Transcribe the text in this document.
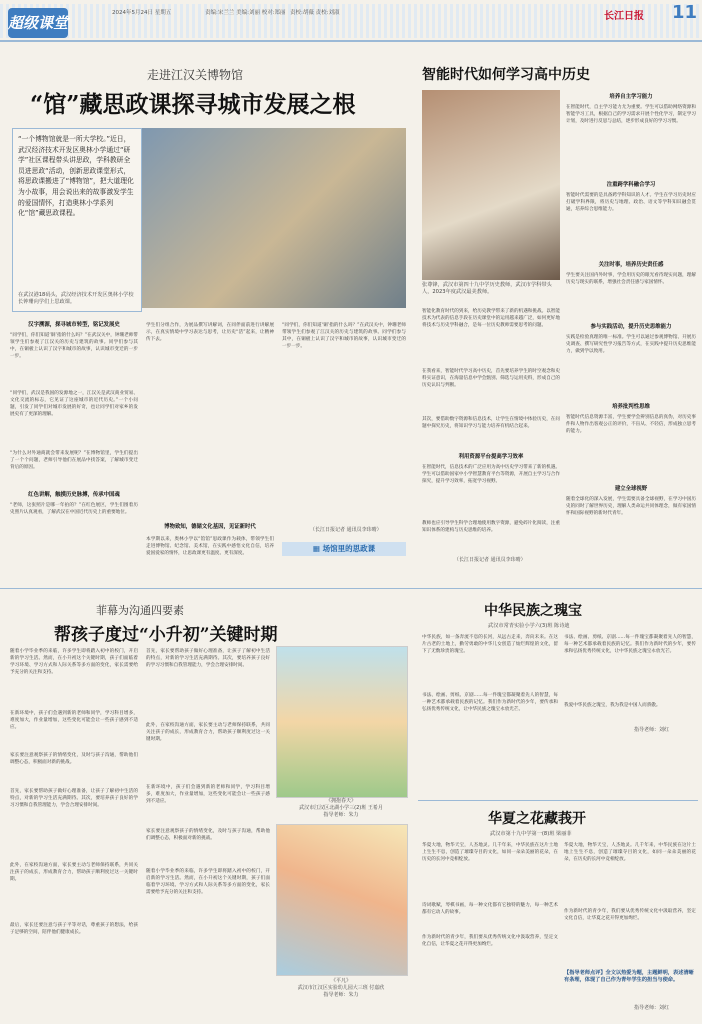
超级课堂
2024年5月24日 星期五	责编:宋兰兰 美编:刘丽 校对:郑丽 责校:胡薇 责校:刘淑	长江日报 11
走进江汉关博物馆
“馆”藏思政课探寻城市发展之根
“一个博物馆就是一所大学校。”近日，武汉经济技术开发区奥林小学通过“研学”社区课程带头讲思政，学科教研全员进思政“活动，创新思政课堂形式，将思政课搬进了“博物馆”，把大道理化为小故事，用会说出来的故事激发学生的爱国情怀，打造奥林小学系列化“馆”藏思政课程。
在武汉港18码头，武汉经济技术开发区奥林小学校长钟珊向学们上思政课。
汉字溯源，探寻城市转型，铭记发展史
“同学们，你们知道‘铜’指的什么吗？”在武汉关中，钟珊老师带领学生们参观了江汉关的历史与建筑的故事。同学们参与其中，在铜板上认识了汉字和城市的故事，认识城市变迁的一步一步。
“同学们，武汉是我国的发源地之一，江汉关是武汉商业贸易、文化交流的标志，它见证了这座城市的近代历史。”一个小问题，引发了同学们对城市发展的好奇，也让同学们对家乡的发展史有了更深的理解。
“为什么对外通商就会带来发展呢？”在博物馆里，学生们提出了一个个问题，老师引导他们在展品中找答案，了解城市变迁背后的原因。
红色讲解，触摸历史脉搏，传承中国魂
“老师，这张照片是哪一年拍的？”在红色展区，学生们围着历史照片认真观看，了解武汉在中国近代历史上的重要地位。
学生们分组合作，为展品撰写讲解词，在同伴面前进行讲解展示，在真实情境中学习表达与思考，让历史“活”起来，让精神传下去。
博物致知，德储文化基因，见证新时代
本学期以来，奥林小学以“馆馆”思政课作为载体，带领学生们走进博物馆、纪念馆、美术馆，在实践中感悟文化自信，培养爱国爱家的情怀，让思政课更有温度、更有深度。
“同学们，你们知道‘铜’指的什么吗？”在武汉关中，钟珊老师带领学生们参观了江汉关的历史与建筑的故事。同学们参与其中，在铜板上认识了汉字和城市的故事，认识城市变迁的一步一步。
（长江日报记者 通讯员李玮晴）
▦ 场馆里的思政课
智能时代如何学习高中历史
张尊锋，武汉市第四十九中学历史教师，武汉市学科带头人，2023年度武汉最美教师。
智能化教育时代的到来，给历史教学带来了新的机遇和挑战。以智能技术为代表的信息手段在历史课堂中的运用越来越广泛，如何更好地将技术与历史学科融合，是每一位历史教师需要思考的问题。
在我看来，智能时代学习高中历史，首先要培养学生的时空观念和史料实证意识，在海量信息中学会甄别、筛选与运用史料，形成自己的历史认识与判断。
其次，要借助数字资源和信息技术，让学生在情境中体验历史，在问题中探究历史，将知识学习与能力培养有机结合起来。
利用资源平台提高学习效率
在智能时代，信息技术的广泛应用为高中历史学习带来了新的机遇。学生可以借助国家中小学智慧教育平台等资源，开展自主学习与合作探究，提升学习效率，拓宽学习视野。
教师也应引导学生科学合理地使用数字资源，避免碎片化阅读，注重知识体系的建构与历史思维的培养。
（长江日报记者 通讯员李玮晴）
培养自主学习能力
在智能时代，自主学习能力尤为重要。学生可以借助网络资源和智能学习工具，根据自己的学习需求开展个性化学习，制定学习计划，及时进行反思与总结，逐步形成良好的学习习惯。
注重跨学科融合学习
智能时代需要的是具备跨学科知识的人才。学生在学习历史时应打破学科界限，将历史与地理、政治、语文等学科知识融会贯通，培养综合思维能力。
关注时事，培养历史责任感
学生要关注国内外时事，学会用历史的眼光看待现实问题，理解历史与现实的联系，增强社会责任感与家国情怀。
参与实践活动，提升历史思维能力
实践是检验真理的唯一标准。学生可以通过参观博物馆、开展历史调查、撰写研究性学习报告等方式，在实践中提升历史思维能力，做到学以致用。
培养批判性思维
智能时代信息资源丰富，学生要学会辨别信息的真伪，对历史事件和人物作出客观公正的评价，不盲从、不轻信，形成独立思考的能力。
建立全球视野
随着全球化的深入发展，学生需要具备全球视野，在学习中国历史的同时了解世界历史，理解人类命运共同体理念，做有家国情怀和国际视野的新时代青年。
菲幕为沟通四要素
帮孩子度过“小升初”关键时期
随着小学毕业季的来临，许多学生即将踏入初中的校门，开启新的学习生活。然而，在小升初这个关键时期，孩子们面临着学习环境、学习方式和人际关系等多方面的变化，家长需要给予充分的关注和支持。
在新环境中，孩子们会遇到新的老师和同学，学习科目增多，难度加大，作业量增加，这些变化可能会让一些孩子感到不适应。
家长要注意观察孩子的情绪变化，及时与孩子沟通，帮助他们调整心态，积极面对新的挑战。
首先，家长要帮助孩子做好心理准备，让孩子了解初中生活的特点，对新的学习生活充满期待。其次，要培养孩子良好的学习习惯和自我管理能力，学会合理安排时间。
此外，在家校沟通方面，家长要主动与老师保持联系，共同关注孩子的成长，形成教育合力，帮助孩子顺利度过这一关键时期。
最后，家长还要注意与孩子平等对话，尊重孩子的想法，给孩子足够的空间，陪伴他们健康成长。
首先，家长要帮助孩子做好心理准备，让孩子了解初中生活的特点，对新的学习生活充满期待。其次，要培养孩子良好的学习习惯和自我管理能力，学会合理安排时间。
此外，在家校沟通方面，家长要主动与老师保持联系，共同关注孩子的成长，形成教育合力，帮助孩子顺利度过这一关键时期。
在新环境中，孩子们会遇到新的老师和同学，学习科目增多，难度加大，作业量增加，这些变化可能会让一些孩子感到不适应。
家长要注意观察孩子的情绪变化，及时与孩子沟通，帮助他们调整心态，积极面对新的挑战。
随着小学毕业季的来临，许多学生即将踏入初中的校门，开启新的学习生活。然而，在小升初这个关键时期，孩子们面临着学习环境、学习方式和人际关系等多方面的变化，家长需要给予充分的关注和支持。
《拥抱春天》
武汉市江汉区北湖小学三(2)班 王希月
指导老师：朱力
《平凡》
武汉市江汉区实验幼儿园大三班 付嘉欣
指导老师：朱力
中华民族之瑰宝
武汉市常青实验小学六(3)班 陈诗迪
中华民族，如一条奔流不息的长河，从远古走来，奔向未来。在这片古老的土地上，勤劳勇敢的中华儿女创造了灿烂辉煌的文化，留下了无数珍贵的瑰宝。
书法、绘画、剪纸、京剧……每一件瑰宝都凝聚着先人的智慧，每一种艺术都承载着民族的记忆。我们作为新时代的少年，要传承和弘扬优秀传统文化，让中华民族之瑰宝永放光芒。
书法、绘画、剪纸、京剧……每一件瑰宝都凝聚着先人的智慧，每一种艺术都承载着民族的记忆。我们作为新时代的少年，要传承和弘扬优秀传统文化，让中华民族之瑰宝永放光芒。
我爱中华民族之瑰宝，我为我是中国人而骄傲。
指导老师：刘红
华夏之花藏莪开
武汉市第十九中学第一(8)班 梁丽菲
华夏大地，物华天宝，人杰地灵。几千年来，中华民族在这片土地上生生不息，创造了璀璨夺目的文化，如同一朵朵美丽的花朵，在历史的长河中竞相绽放。
诗词歌赋，琴棋书画，每一种文化都有它独特的魅力，每一种艺术都有它动人的故事。
作为新时代的青少年，我们要从优秀传统文化中汲取营养，坚定文化自信，让华夏之花开得更加绚烂。
华夏大地，物华天宝，人杰地灵。几千年来，中华民族在这片土地上生生不息，创造了璀璨夺目的文化，如同一朵朵美丽的花朵，在历史的长河中竞相绽放。
作为新时代的青少年，我们要从优秀传统文化中汲取营养，坚定文化自信，让华夏之花开得更加绚烂。
【指导老师点评】全文以热爱为题，主题鲜明，表述清晰有条理，体现了自己作为青年学生的担当与使命。
指导老师：刘红
